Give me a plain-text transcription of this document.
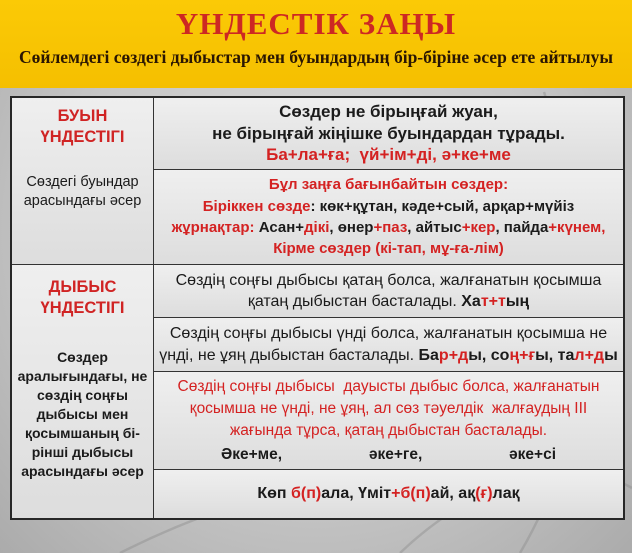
ҮНДЕСТІК ЗАҢЫ
Сөйлемдегі сөздегі дыбыстар мен буындардың бір-біріне әсер ете айтылуы
БУЫН ҮНДЕСТІГІ
Сөздегі буындар арасындағы әсер
ДЫБЫС ҮНДЕСТІГІ
Сөздер аралығындағы, не сөздің соңғы дыбысы мен қосымшаның бі-рінші дыбысы арасындағы әсер
Сөздер не бірыңғай жуан,
не бірыңғай жіңішке буындардан тұрады.
Ба+ла+ға;  үй+ім+ді, ә+ке+ме
Бұл заңға бағынбайтын сөздер:
Біріккен сөзде: көк+құтан, кәде+сый, арқар+мүйіз
жұрнақтар: Асан+дікі, өнер+паз, айтыс+кер, пайда+күнем,
Кірме сөздер (кі-тап, мұ-ға-лім)
Сөздің соңғы дыбысы қатаң болса, жалғанатын қосымша
қатаң дыбыстан басталады. Хат+тың
Сөздің соңғы дыбысы үнді болса, жалғанатын қосымша не
үнді, не ұяң дыбыстан басталады. Бар+ды, соң+ғы, тал+ды
Сөздің соңғы дыбысы  дауысты дыбыс болса, жалғанатын
қосымша не үнді, не ұяң, ал сөз тәуелдік  жалғаудың III
жағында тұрса, қатаң дыбыстан басталады.
Әке+ме,	әке+ге,	әке+сі
Көп б(п)ала, Үміт+б(п)ай, ақ(ғ)лақ
